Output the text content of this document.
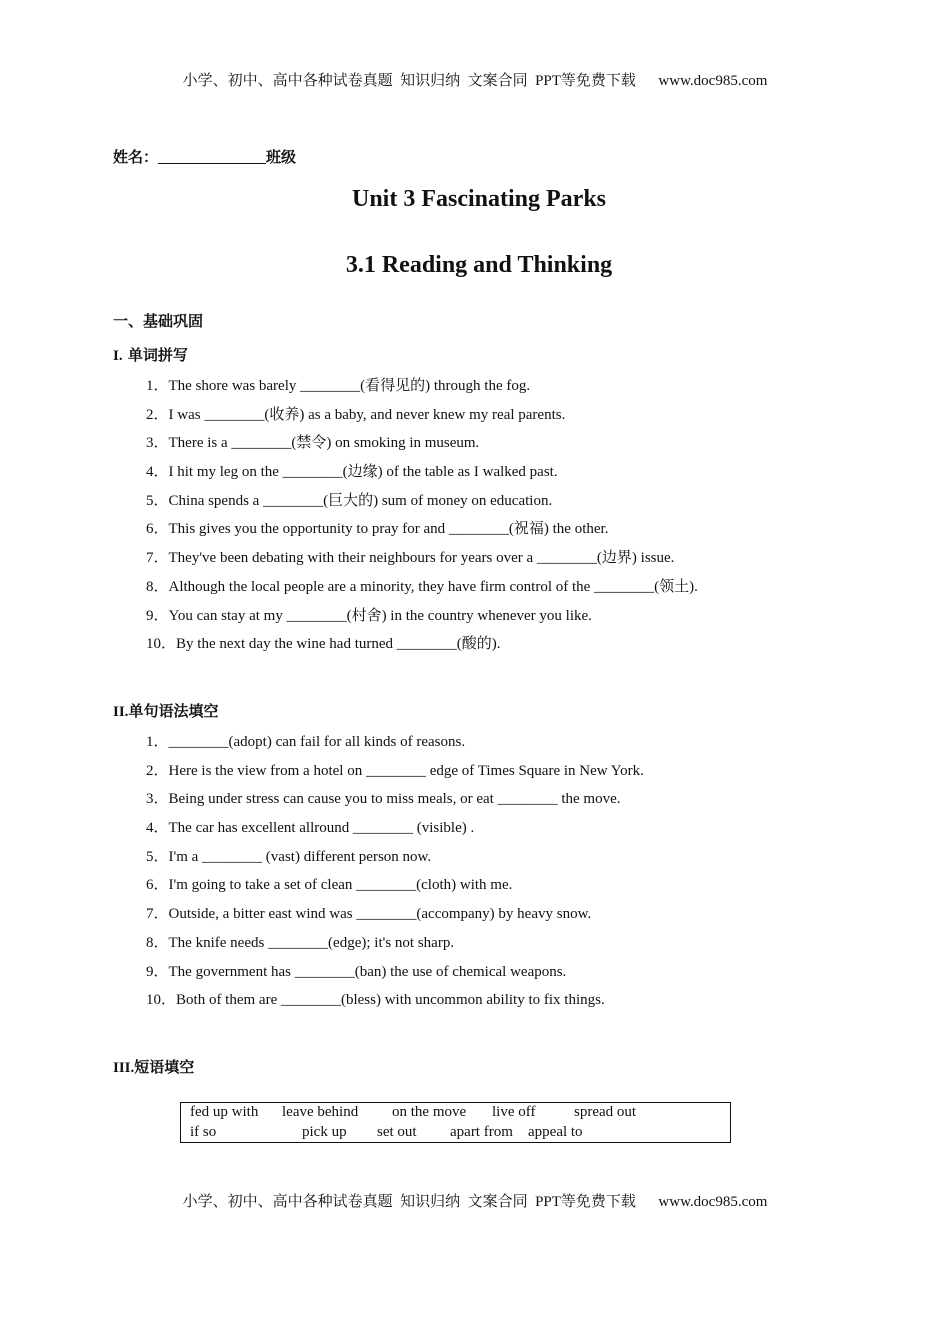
小学、初中、高中各种试卷真题  知识归纳  文案合同  PPT等免费下载      www.doc985.com
姓名：	班级
Unit 3 Fascinating Parks
3.1 Reading and Thinking
一、基础巩固
I. 单词拼写
1．The shore was barely ________(看得见的) through the fog.
2．I was ________(收养) as a baby, and never knew my real parents.
3．There is a ________(禁令) on smoking in museum.
4．I hit my leg on the ________(边缘) of the table as I walked past.
5．China spends a ________(巨大的) sum of money on education.
6．This gives you the opportunity to pray for and ________(祝福) the other.
7．They've been debating with their neighbours for years over a ________(边界) issue.
8．Although the local people are a minority, they have firm control of the ________(领土).
9．You can stay at my ________(村舍) in the country whenever you like.
10．By the next day the wine had turned ________(酸的).
II.单句语法填空
1．________(adopt) can fail for all kinds of reasons.
2．Here is the view from a hotel on ________ edge of Times Square in New York.
3．Being under stress can cause you to miss meals, or eat ________ the move.
4．The car has excellent allround ________ (visible) .
5．I'm a ________ (vast) different person now.
6．I'm going to take a set of clean ________(cloth) with me.
7．Outside, a bitter east wind was ________(accompany) by heavy snow.
8．The knife needs ________(edge); it's not sharp.
9．The government has ________(ban) the use of chemical weapons.
10．Both of them are ________(bless) with uncommon ability to fix things.
III.短语填空
fed up with leave behind on the move live off	spread out
if so	pick up set out apart from appeal to
小学、初中、高中各种试卷真题  知识归纳  文案合同  PPT等免费下载      www.doc985.com
